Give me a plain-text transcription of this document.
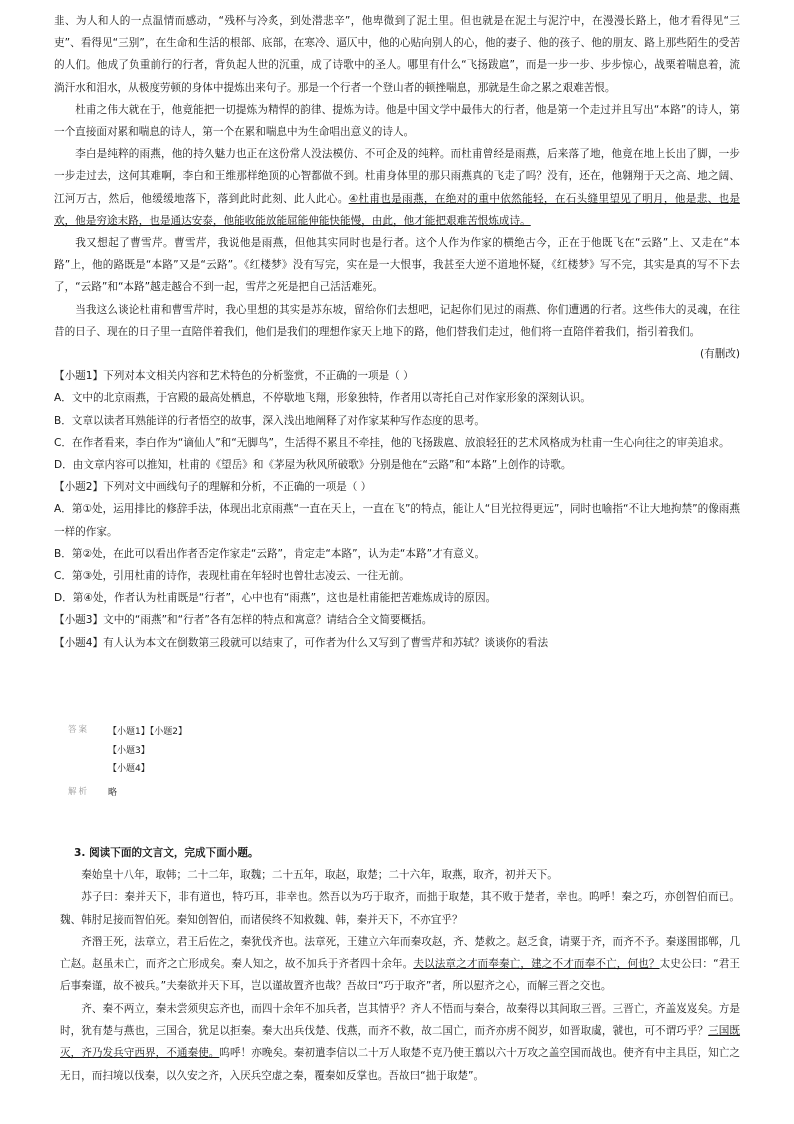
韭、为人和人的一点温情而感动，“残杯与冷炙，到处潜悲辛”，他卑微到了泥土里。但也就是在泥土与泥泞中，在漫漫长路上，他才看得见“三吏”、看得见“三别”，在生命和生活的根部、底部，在寒冷、逼仄中，他的心贴向别人的心，他的妻子、他的孩子、他的朋友、路上那些陌生的受苦的人们。他成了负重前行的行者，背负起人世的沉重，成了诗歌中的圣人。哪里有什么“飞扬跋扈”，而是一步一步、步步惊心，战栗着喘息着，流淌汗水和泪水，从极度劳顿的身体中提炼出来句子。那是一个行者一个登山者的顿挫喘息，那就是生命之累之艰难苦恨。

杜甫之伟大就在于，他竟能把一切提炼为精悍的韵律、提炼为诗。他是中国文学中最伟大的行者，他是第一个走过并且写出“本路”的诗人，第一个直接面对累和喘息的诗人，第一个在累和喘息中为生命唱出意义的诗人。

李白是纯粹的雨燕，他的持久魅力也正在这份常人没法模仿、不可企及的纯粹。而杜甫曾经是雨燕，后来落了地，他竟在地上长出了脚，一步一步走过去，这何其难啊，李白和王维那样绝顶的心智都做不到。杜甫身体里的那只雨燕真的飞走了吗？没有，还在，他翱翔于天之高、地之阔、江河万古，然后，他缓缓地落下，落到此时此刻、此人此心。④杜甫也是雨燕，在绝对的重中依然能轻，在石头缝里望见了明月，他是悲、也是欢，他是穷途末路，也是通达安泰，他能收能放能屈能伸能快能慢，由此，他才能把艰难苦恨炼成诗。

我又想起了曹雪芹。曹雪芹，我说他是雨燕，但他其实同时也是行者。这个人作为作家的横绝古今，正在于他既飞在“云路”上、又走在“本路”上，他的路既是“本路”又是“云路”。《红楼梦》没有写完，实在是一大恨事，我甚至大逆不道地怀疑，《红楼梦》写不完，其实是真的写不下去了，“云路”和“本路”越走越合不到一起，雪芹之死是把自己活活难死。

当我这么谈论杜甫和曹雪芹时，我心里想的其实是苏东坡，留给你们去想吧，记起你们见过的雨燕、你们遭遇的行者。这些伟大的灵魂，在往昔的日子、现在的日子里一直陪伴着我们，他们是我们的理想作家天上地下的路，他们替我们走过，他们将一直陪伴着我们，指引着我们。

(有删改)

【小题1】下列对本文相关内容和艺术特色的分析鉴赏，不正确的一项是（ ）

A．文中的北京雨燕，于宫殿的最高处栖息，不停歇地飞翔，形象独特，作者用以寄托自己对作家形象的深刻认识。

B．文章以读者耳熟能详的行者悟空的故事，深入浅出地阐释了对作家某种写作态度的思考。

C．在作者看来，李白作为“谪仙人”和“无脚鸟”，生活得不累且不牵挂，他的飞扬跋扈、放浪轻狂的艺术风格成为杜甫一生心向往之的审美追求。

D．由文章内容可以推知，杜甫的《望岳》和《茅屋为秋风所破歌》分别是他在“云路”和“本路”上创作的诗歌。

【小题2】下列对文中画线句子的理解和分析，不正确的一项是（ ）

A．第①处，运用排比的修辞手法，体现出北京雨燕“一直在天上，一直在飞”的特点，能让人“目光拉得更远”，同时也喻指“不让大地拘禁”的像雨燕一样的作家。

B．第②处，在此可以看出作者否定作家走“云路”，肯定走“本路”，认为走“本路”才有意义。

C．第③处，引用杜甫的诗作，表现杜甫在年轻时也曾壮志凌云、一往无前。

D．第④处，作者认为杜甫既是“行者”，心中也有“雨燕”，这也是杜甫能把苦难炼成诗的原因。

【小题3】文中的“雨燕”和“行者”各有怎样的特点和寓意？请结合全文简要概括。

【小题4】有人认为本文在倒数第三段就可以结束了，可作者为什么又写到了曹雪芹和苏轼？谈谈你的看法

答案	【小题1】【小题2】
【小题3】
【小题4】
解析	略
3. 阅读下面的文言文，完成下面小题。

秦始皇十八年，取韩；二十二年，取魏；二十五年，取赵，取楚；二十六年，取燕，取齐，初并天下。

苏子曰：秦并天下，非有道也，特巧耳，非幸也。然吾以为巧于取齐，而拙于取楚，其不败于楚者，幸也。呜呼！秦之巧，亦创智伯而已。魏、韩肘足接而智伯死。秦知创智伯，而诸侯终不知救魏、韩，秦并天下，不亦宜乎？

齐湣王死，法章立，君王后佐之，秦犹伐齐也。法章死，王建立六年而秦攻赵，齐、楚救之。赵乏食，请粟于齐，而齐不予。秦遂围邯郸，几亡赵。赵虽未亡，而齐之亡形成矣。秦人知之，故不加兵于齐者四十余年。夫以法章之才而奉秦亡，建之不才而奉不亡，何也？太史公曰：“君王后事秦谨，故不被兵。”夫秦欲并天下耳，岂以谨故置齐也哉？吾故曰“巧于取齐”者，所以慰齐之心，而解三晋之交也。

齐、秦不两立，秦未尝须臾忘齐也，而四十余年不加兵者，岂其情乎？齐人不悟而与秦合，故秦得以其间取三晋。三晋亡，齐盖岌岌矣。方是时，犹有楚与燕也，三国合，犹足以拒秦。秦大出兵伐楚、伐燕，而齐不救，故二国亡，而齐亦虏不阅岁，如晋取虞，虢也，可不谓巧乎？三国既灭，齐乃发兵守西界，不通秦使。呜呼！亦晚矣。秦初遣李信以二十万人取楚不克乃使王翦以六十万攻之盖空国而战也。使齐有中主具臣，知亡之无日，而扫境以伐秦，以久安之齐，入厌兵空虚之秦，覆秦如反掌也。吾故曰“拙于取楚”。
